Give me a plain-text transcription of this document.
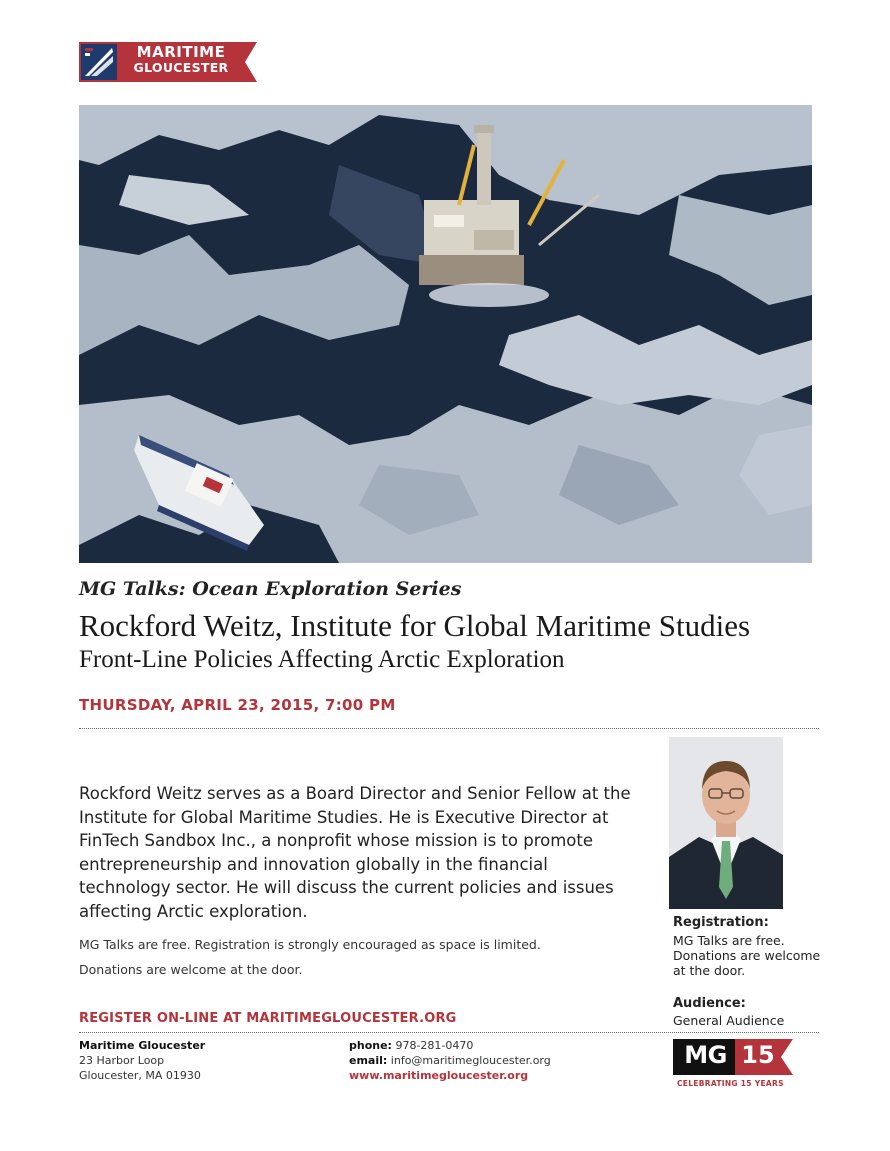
MARITIME
GLOUCESTER
MG Talks: Ocean Exploration Series
Rockford Weitz, Institute for Global Maritime Studies
Front-Line Policies Affecting Arctic Exploration
THURSDAY, APRIL 23, 2015, 7:00 PM

Rockford Weitz serves as a Board Director and Senior Fellow at the Institute for Global Maritime Studies. He is Executive Director at FinTech Sandbox Inc., a nonprofit whose mission is to promote entrepreneurship and innovation globally in the financial technology sector. He will discuss the current policies and issues affecting Arctic exploration.

MG Talks are free. Registration is strongly encouraged as space is limited.
Donations are welcome at the door.
Registration:
MG Talks are free. Donations are welcome at the door.
Audience:
General Audience
REGISTER ON-LINE AT MARITIMEGLOUCESTER.ORG
Maritime Gloucester
23 Harbor Loop
Gloucester, MA 01930
phone: 978-281-0470
email: info@maritimegloucester.org
www.maritimegloucester.org
MG 15
CELEBRATING 15 YEARS
